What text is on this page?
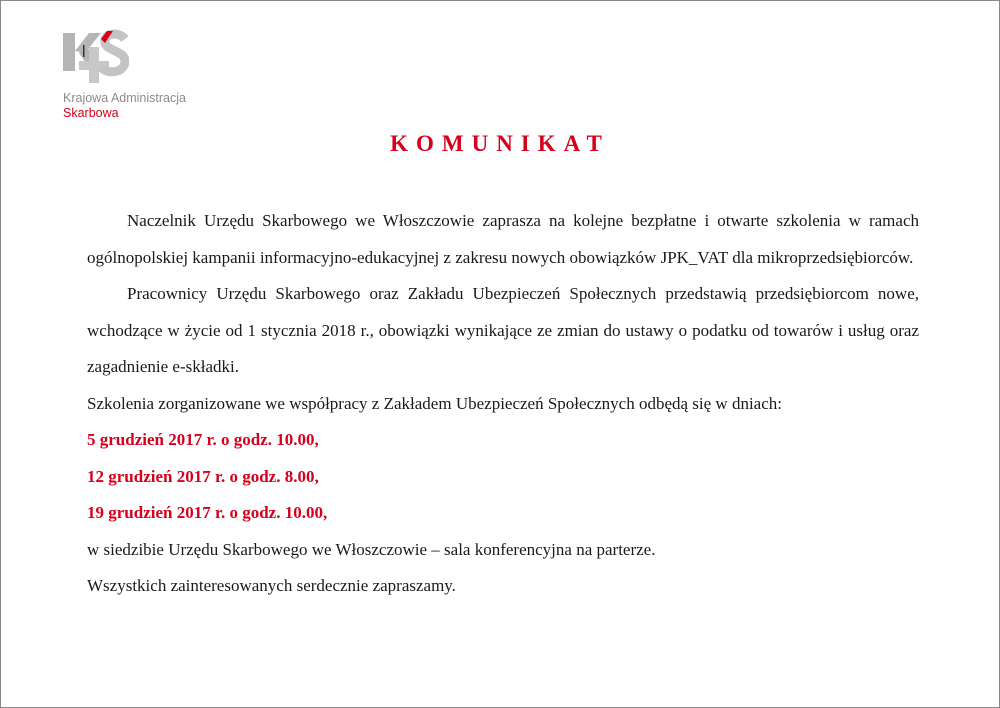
Krajowa Administracja
Skarbowa
KOMUNIKAT

Naczelnik Urzędu Skarbowego we Włoszczowie zaprasza na kolejne bezpłatne i otwarte szkolenia w ramach ogólnopolskiej kampanii informacyjno-edukacyjnej z zakresu nowych obowiązków JPK_VAT dla mikroprzedsiębiorców.

Pracownicy Urzędu Skarbowego oraz Zakładu Ubezpieczeń Społecznych przedstawią przedsiębiorcom nowe, wchodzące w życie od 1 stycznia 2018 r., obowiązki wynikające ze zmian do ustawy o podatku od towarów i usług oraz zagadnienie e-składki.

Szkolenia zorganizowane we współpracy z Zakładem Ubezpieczeń Społecznych odbędą się w dniach:

5 grudzień 2017 r. o godz. 10.00,

12 grudzień 2017 r. o godz. 8.00,

19 grudzień 2017 r. o godz. 10.00,

w siedzibie Urzędu Skarbowego we Włoszczowie – sala konferencyjna na parterze.

Wszystkich zainteresowanych serdecznie zapraszamy.
